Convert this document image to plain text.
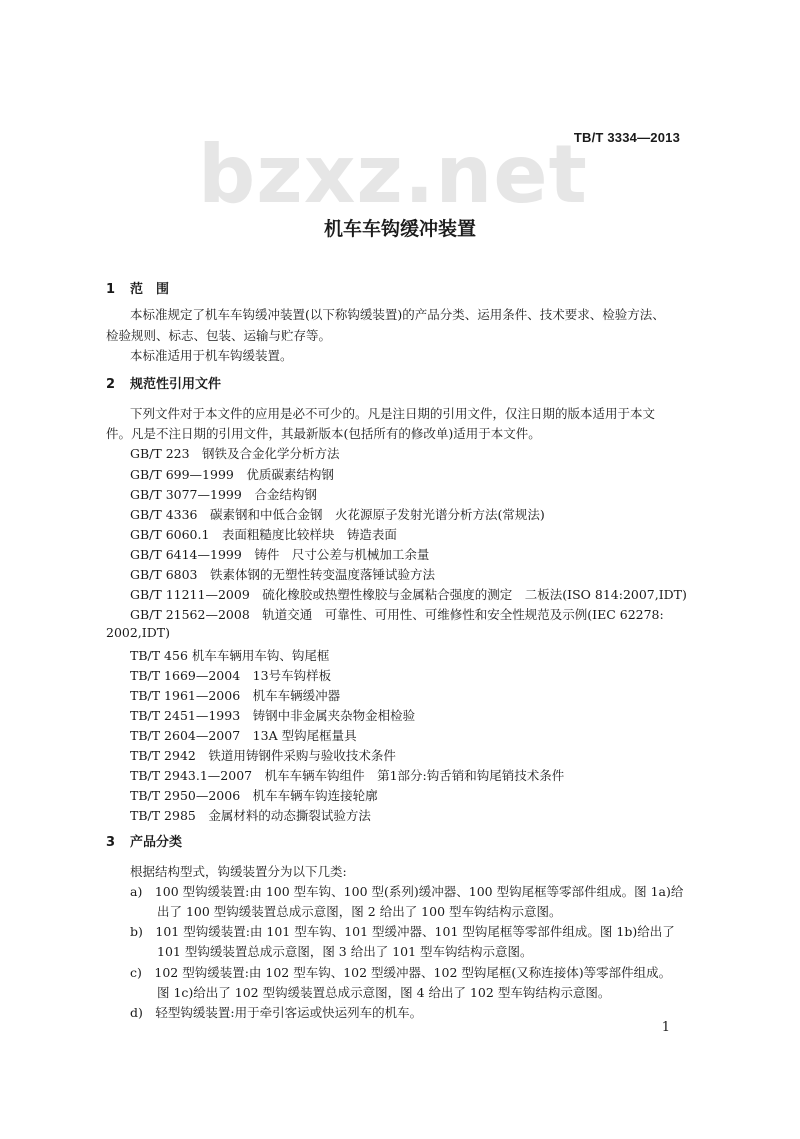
TB/T 3334—2013
bzxz.net
机车车钩缓冲装置
1 范　围
本标准规定了机车车钩缓冲装置(以下称钩缓装置)的产品分类、运用条件、技术要求、检验方法、
检验规则、标志、包装、运输与贮存等。
本标准适用于机车钩缓装置。
2 规范性引用文件
下列文件对于本文件的应用是必不可少的。凡是注日期的引用文件，仅注日期的版本适用于本文
件。凡是不注日期的引用文件，其最新版本(包括所有的修改单)适用于本文件。
GB/T 223　钢铁及合金化学分析方法
GB/T 699—1999　优质碳素结构钢
GB/T 3077—1999　合金结构钢
GB/T 4336　碳素钢和中低合金钢　火花源原子发射光谱分析方法(常规法)
GB/T 6060.1　表面粗糙度比较样块　铸造表面
GB/T 6414—1999　铸件　尺寸公差与机械加工余量
GB/T 6803　铁素体钢的无塑性转变温度落锤试验方法
GB/T 11211—2009　硫化橡胶或热塑性橡胶与金属粘合强度的测定　二板法(ISO 814:2007,IDT)
GB/T 21562—2008　轨道交通　可靠性、可用性、可维修性和安全性规范及示例(IEC 62278:
2002,IDT)
TB/T 456 机车车辆用车钩、钩尾框
TB/T 1669—2004　13号车钩样板
TB/T 1961—2006　机车车辆缓冲器
TB/T 2451—1993　铸钢中非金属夹杂物金相检验
TB/T 2604—2007　13A 型钩尾框量具
TB/T 2942　铁道用铸钢件采购与验收技术条件
TB/T 2943.1—2007　机车车辆车钩组件　第1部分:钩舌销和钩尾销技术条件
TB/T 2950—2006　机车车辆车钩连接轮廓
TB/T 2985　金属材料的动态撕裂试验方法
3 产品分类
根据结构型式，钩缓装置分为以下几类:
a)　100 型钩缓装置:由 100 型车钩、100 型(系列)缓冲器、100 型钩尾框等零部件组成。图 1a)给
出了 100 型钩缓装置总成示意图，图 2 给出了 100 型车钩结构示意图。
b)　101 型钩缓装置:由 101 型车钩、101 型缓冲器、101 型钩尾框等零部件组成。图 1b)给出了
101 型钩缓装置总成示意图，图 3 给出了 101 型车钩结构示意图。
c)　102 型钩缓装置:由 102 型车钩、102 型缓冲器、102 型钩尾框(又称连接体)等零部件组成。
图 1c)给出了 102 型钩缓装置总成示意图，图 4 给出了 102 型车钩结构示意图。
d)　轻型钩缓装置:用于牵引客运或快运列车的机车。
1
